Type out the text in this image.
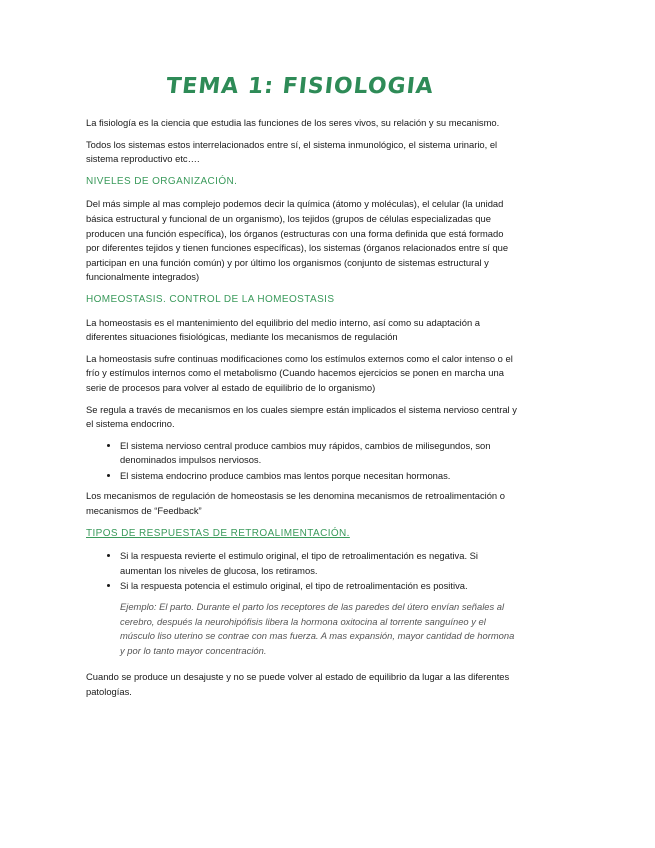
TEMA 1: FISIOLOGIA

La fisiología es la ciencia que estudia las funciones de los seres vivos, su relación y su mecanismo.

Todos los sistemas estos interrelacionados entre sí, el sistema inmunológico, el sistema urinario, el sistema reproductivo etc….

NIVELES DE ORGANIZACIÓN.

Del más simple al mas complejo podemos decir la química (átomo y moléculas), el celular (la unidad básica estructural y funcional de un organismo), los tejidos (grupos de células especializadas que producen una función específica), los órganos (estructuras con una forma definida que está formado por diferentes tejidos y tienen funciones específicas), los sistemas (órganos relacionados entre sí que participan en una función común) y por último los organismos (conjunto de sistemas estructural y funcionalmente integrados)

HOMEOSTASIS. CONTROL DE LA HOMEOSTASIS

La homeostasis es el mantenimiento del equilibrio del medio interno, así como su adaptación a diferentes situaciones fisiológicas, mediante los mecanismos de regulación

La homeostasis sufre continuas modificaciones como los estímulos externos como el calor intenso o el frío y estímulos internos como el metabolismo (Cuando hacemos ejercicios se ponen en marcha una serie de procesos para volver al estado de equilibrio de lo organismo)

Se regula a través de mecanismos en los cuales siempre están implicados el sistema nervioso central y el sistema endocrino.

• El sistema nervioso central produce cambios muy rápidos, cambios de milisegundos, son denominados impulsos nerviosos.
• El sistema endocrino produce cambios mas lentos porque necesitan hormonas.

Los mecanismos de regulación de homeostasis se les denomina mecanismos de retroalimentación o mecanismos de “Feedback”

TIPOS DE RESPUESTAS DE RETROALIMENTACIÓN.
• Si la respuesta revierte el estimulo original, el tipo de retroalimentación es negativa. Si aumentan los niveles de glucosa, los retiramos.
• Si la respuesta potencia el estimulo original, el tipo de retroalimentación es positiva.

Ejemplo: El parto. Durante el parto los receptores de las paredes del útero envían señales al cerebro, después la neurohipófisis libera la hormona oxitocina al torrente sanguíneo y el músculo liso uterino se contrae con mas fuerza. A mas expansión, mayor cantidad de hormona y por lo tanto mayor concentración.

Cuando se produce un desajuste y no se puede volver al estado de equilibrio da lugar a las diferentes patologías.
